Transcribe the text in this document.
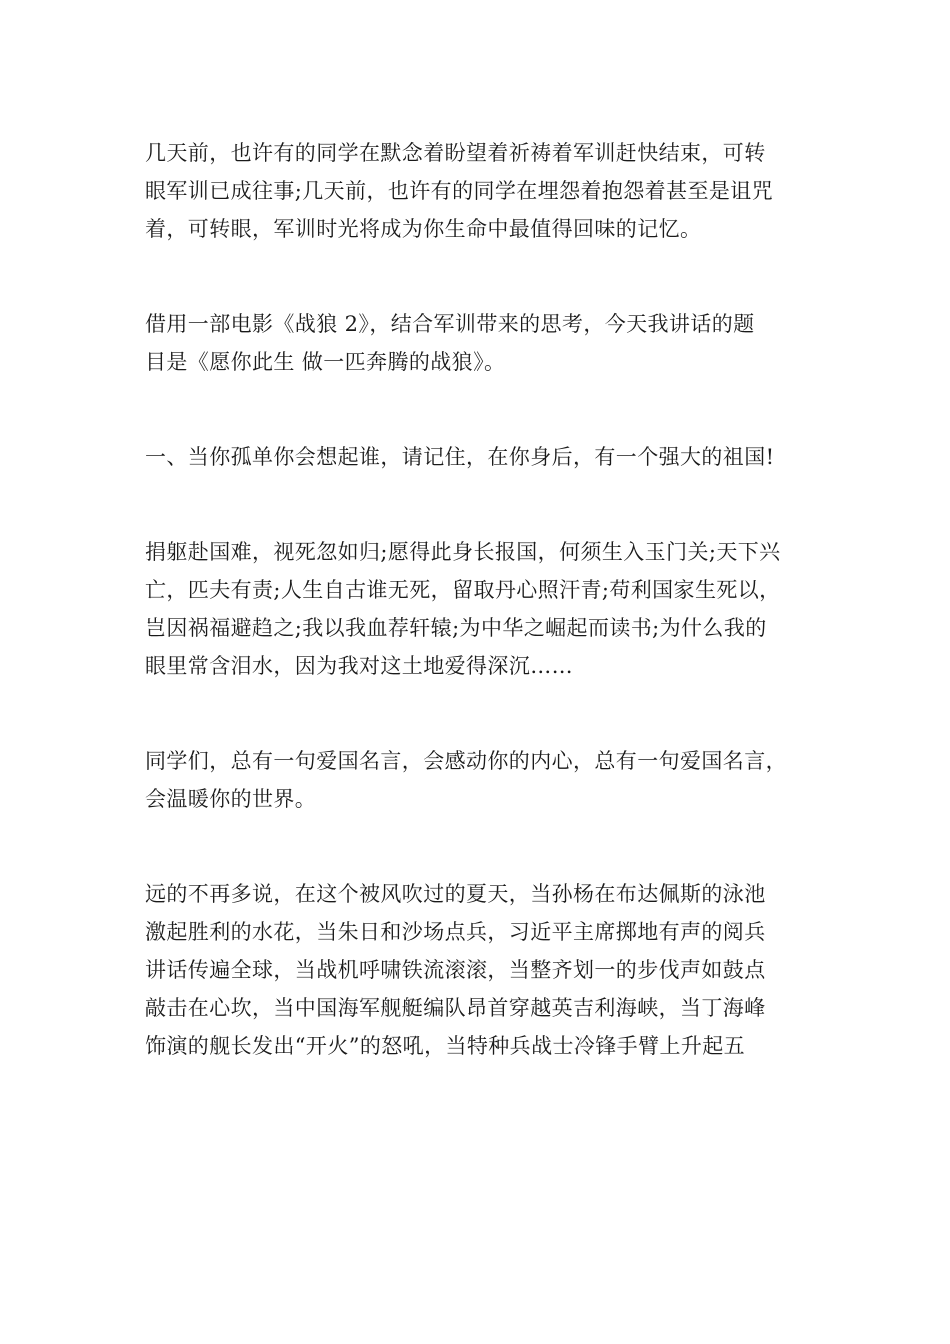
几天前，也许有的同学在默念着盼望着祈祷着军训赶快结束，可转
眼军训已成往事;几天前，也许有的同学在埋怨着抱怨着甚至是诅咒
着，可转眼，军训时光将成为你生命中最值得回味的记忆。

借用一部电影《战狼 2》，结合军训带来的思考，今天我讲话的题
目是《愿你此生 做一匹奔腾的战狼》。

一、当你孤单你会想起谁，请记住，在你身后，有一个强大的祖国!

捐躯赴国难，视死忽如归;愿得此身长报国，何须生入玉门关;天下兴
亡，匹夫有责;人生自古谁无死，留取丹心照汗青;苟利国家生死以，
岂因祸福避趋之;我以我血荐轩辕;为中华之崛起而读书;为什么我的
眼里常含泪水，因为我对这土地爱得深沉……

同学们，总有一句爱国名言，会感动你的内心，总有一句爱国名言，
会温暖你的世界。

远的不再多说，在这个被风吹过的夏天，当孙杨在布达佩斯的泳池
激起胜利的水花，当朱日和沙场点兵，习近平主席掷地有声的阅兵
讲话传遍全球，当战机呼啸铁流滚滚，当整齐划一的步伐声如鼓点
敲击在心坎，当中国海军舰艇编队昂首穿越英吉利海峡，当丁海峰
饰演的舰长发出“开火”的怒吼，当特种兵战士冷锋手臂上升起五
